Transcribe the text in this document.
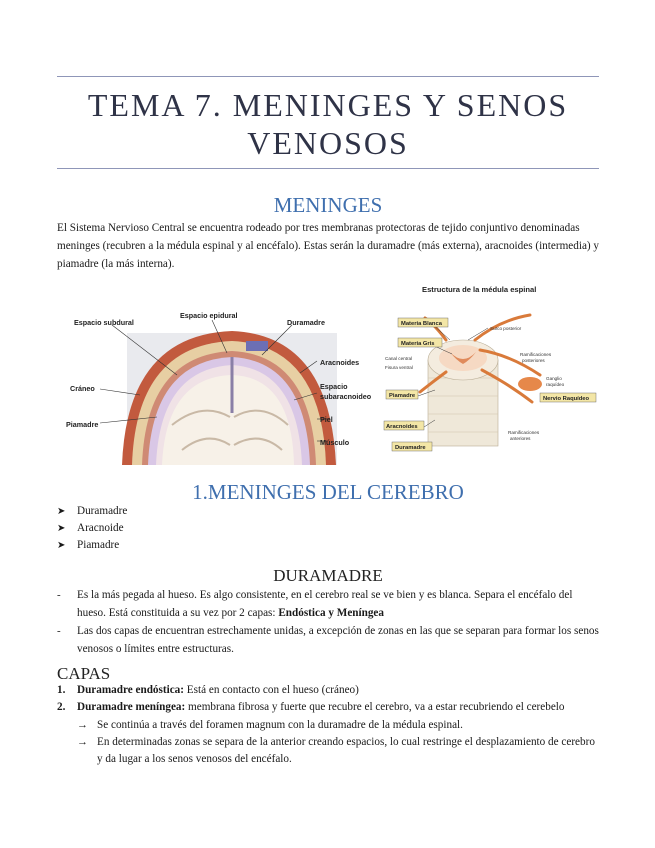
TEMA 7. MENINGES Y SENOS
VENOSOS
MENINGES
El Sistema Nervioso Central se encuentra rodeado por tres membranas protectoras de tejido conjuntivo denominadas meninges (recubren a la médula espinal y al encéfalo). Estas serán la duramadre (más externa), aracnoides (intermedia) y piamadre (la más interna).
Espacio subdural
Espacio epidural
Duramadre
Aracnoides
Cráneo	Espacio
subaracnoideo
Piel
Piamadre
Músculo
Estructura de la médula espinal
Materia Blanca
Materia Gris
Surco posterior
Canal central
Fisura ventral
Ramificaciones
posteriores
Piamadre
Ganglio
raquídeo
Nervio Raquídeo
Aracnoides
Ramificaciones
anteriores
Duramadre
1.MENINGES DEL CEREBRO
➤ Duramadre
➤ Aracnoide
➤ Piamadre
DURAMADRE
- Es la más pegada al hueso. Es algo consistente, en el cerebro real se ve bien y es blanca. Separa el encéfalo del hueso. Está constituida a su vez por 2 capas: Endóstica y Meníngea
- Las dos capas de encuentran estrechamente unidas, a excepción de zonas en las que se separan para formar los senos venosos o límites entre estructuras.
CAPAS
1. Duramadre endóstica: Está en contacto con el hueso (cráneo)
2. Duramadre meníngea: membrana fibrosa y fuerte que recubre el cerebro, va a estar recubriendo el cerebelo
→ Se continúa a través del foramen magnum con la duramadre de la médula espinal.
→ En determinadas zonas se separa de la anterior creando espacios, lo cual restringe el desplazamiento de cerebro y da lugar a los senos venosos del encéfalo.
